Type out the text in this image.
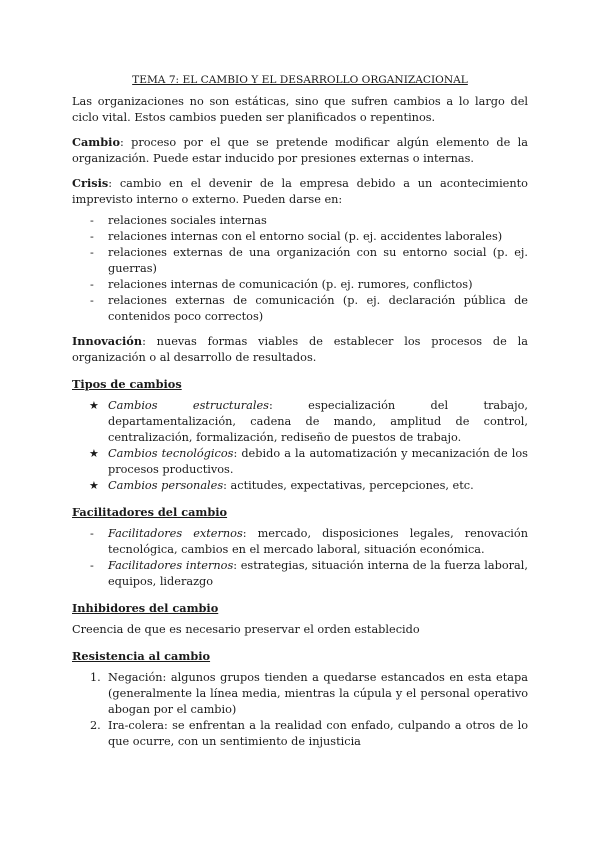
TEMA 7: EL CAMBIO Y EL DESARROLLO ORGANIZACIONAL

Las organizaciones no son estáticas, sino que sufren cambios a lo largo del ciclo vital. Estos cambios pueden ser planificados o repentinos.

Cambio: proceso por el que se pretende modificar algún elemento de la organización. Puede estar inducido por presiones externas o internas.

Crisis: cambio en el devenir de la empresa debido a un acontecimiento imprevisto interno o externo. Pueden darse en:

- relaciones sociales internas
- relaciones internas con el entorno social (p. ej. accidentes laborales)
- relaciones externas de una organización con su entorno social (p. ej. guerras)
- relaciones internas de comunicación (p. ej. rumores, conflictos)
- relaciones externas de comunicación (p. ej. declaración pública de contenidos poco correctos)

Innovación: nuevas formas viables de establecer los procesos de la organización o al desarrollo de resultados.

Tipos de cambios
★ Cambios estructurales: especialización del trabajo, departamentalización, cadena de mando, amplitud de control, centralización, formalización, rediseño de puestos de trabajo.
★ Cambios tecnológicos: debido a la automatización y mecanización de los procesos productivos.
★ Cambios personales: actitudes, expectativas, percepciones, etc.
Facilitadores del cambio
- Facilitadores externos: mercado, disposiciones legales, renovación tecnológica, cambios en el mercado laboral, situación económica.
- Facilitadores internos: estrategias, situación interna de la fuerza laboral, equipos, liderazgo
Inhibidores del cambio

Creencia de que es necesario preservar el orden establecido

Resistencia al cambio
1. Negación: algunos grupos tienden a quedarse estancados en esta etapa (generalmente la línea media, mientras la cúpula y el personal operativo abogan por el cambio)
2. Ira-colera: se enfrentan a la realidad con enfado, culpando a otros de lo que ocurre, con un sentimiento de injusticia
